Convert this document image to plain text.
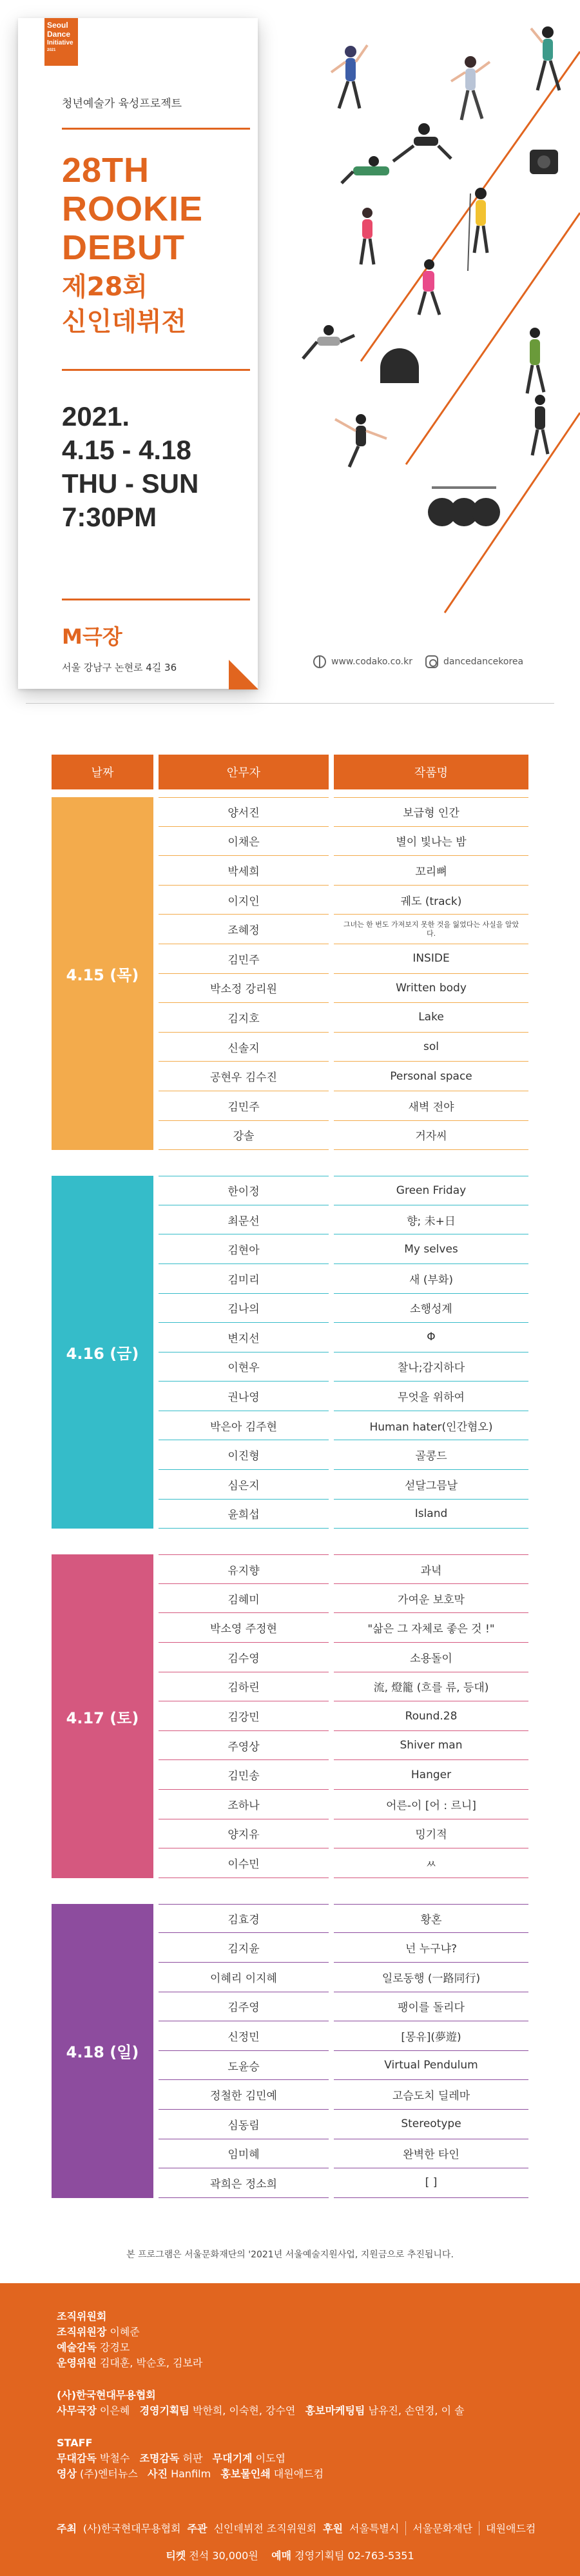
Seoul
Dance
Initiative
2021
청년예술가 육성프로젝트
28TH
ROOKIE
DEBUT
제28회
신인데뷔전
2021.
4.15 - 4.18
THU - SUN
7:30PM
M극장
서울 강남구 논현로 4길 36	www.codako.co.kr	dancedancekorea
날짜	안무자	작품명
4.15 (목)
양서진	보급형 인간
이채은	별이 빛나는 밤
박세희	꼬리뼈
이지인	궤도 (track)
조혜정	그녀는 한 번도 가져보지 못한 것을 잃었다는 사실을 알았다.
김민주	INSIDE
박소정 강리원	Written body
김지호	Lake
신솔지	sol
공현우 김수진	Personal space
김민주	새벽 전야
강솔	거자씨
4.16 (금)
한이정	Green Friday
최문선	향; 未+日
김현아	My selves
김미리	새 (부화)
김나의	소행성계
변지선	Φ
이현우	찰나;감지하다
권나영	무엇을 위하여
박은아 김주현	Human hater(인간혐오)
이진형	골콩드
심은지	섣달그믐날
윤희섭	Island
4.17 (토)
유지향	과녁
김혜미	가여운 보호막
박소영 주정현	"삶은 그 자체로 좋은 것 !"
김수영	소용돌이
김하린	流, 燈籠 (흐를 류, 등대)
김강민	Round.28
주영상	Shiver man
김민송	Hanger
조하나	어른-이 [어 : 르니]
양지유	밍기적
이수민	ㅆ
4.18 (일)
김효경	황혼
김지윤	넌 누구냐?
이혜리 이지혜	일로동행 (一路同行)
김주영	팽이를 돌리다
신정민	[몽유](夢遊)
도윤승	Virtual Pendulum
정철한 김민예	고슴도치 딜레마
심동림	Stereotype
임미혜	완벽한 타인
곽희은 정소희	[ ]
본 프로그램은 서울문화재단의 '2021년 서울예술지원사업, 지원금으로 추진됩니다.
조직위원회
조직위원장 이혜준
예술감독 강경모
운영위원 김대훈, 박순호, 김보라
(사)한국현대무용협회
사무국장 이은혜 경영기획팀 박한희, 이숙현, 강수연 홍보마케팅팀 남유진, 손연경, 이 솔
STAFF
무대감독 박철수 조명감독 허판 무대기계 이도엽
영상 (주)엔터뉴스 사진 Hanfilm 홍보물인쇄 대원애드컴
주최 (사)한국현대무용협회 주관 신인데뷔전 조직위원회 후원 서울특별시 서울문화재단 대원애드컴
티켓 전석 30,000원 예매 경영기획팀 02-763-5351
